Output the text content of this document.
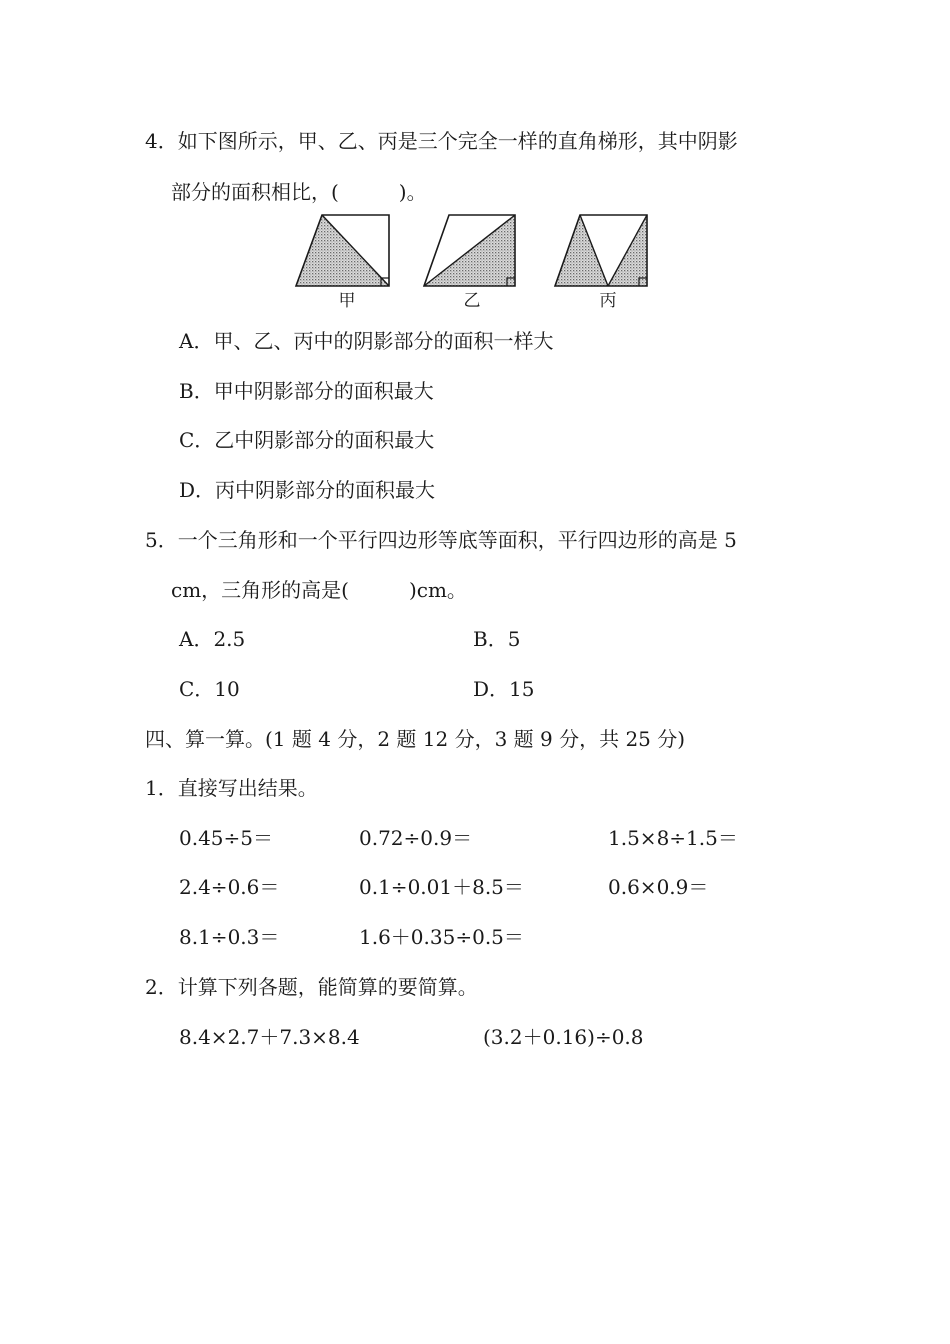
4．如下图所示，甲、乙、丙是三个完全一样的直角梯形，其中阴影
部分的面积相比，(　　　)。
甲	乙	丙
A．甲、乙、丙中的阴影部分的面积一样大
B．甲中阴影部分的面积最大
C．乙中阴影部分的面积最大
D．丙中阴影部分的面积最大
5．一个三角形和一个平行四边形等底等面积，平行四边形的高是 5
cm，三角形的高是(　　　)cm。
A．2.5	B．5
C．10	D．15
四、算一算。(1 题 4 分，2 题 12 分，3 题 9 分，共 25 分)
1．直接写出结果。
0.45÷5＝	0.72÷0.9＝	1.5×8÷1.5＝
2.4÷0.6＝	0.1÷0.01＋8.5＝	0.6×0.9＝
8.1÷0.3＝	1.6＋0.35÷0.5＝
2．计算下列各题，能简算的要简算。
8.4×2.7＋7.3×8.4	(3.2＋0.16)÷0.8
